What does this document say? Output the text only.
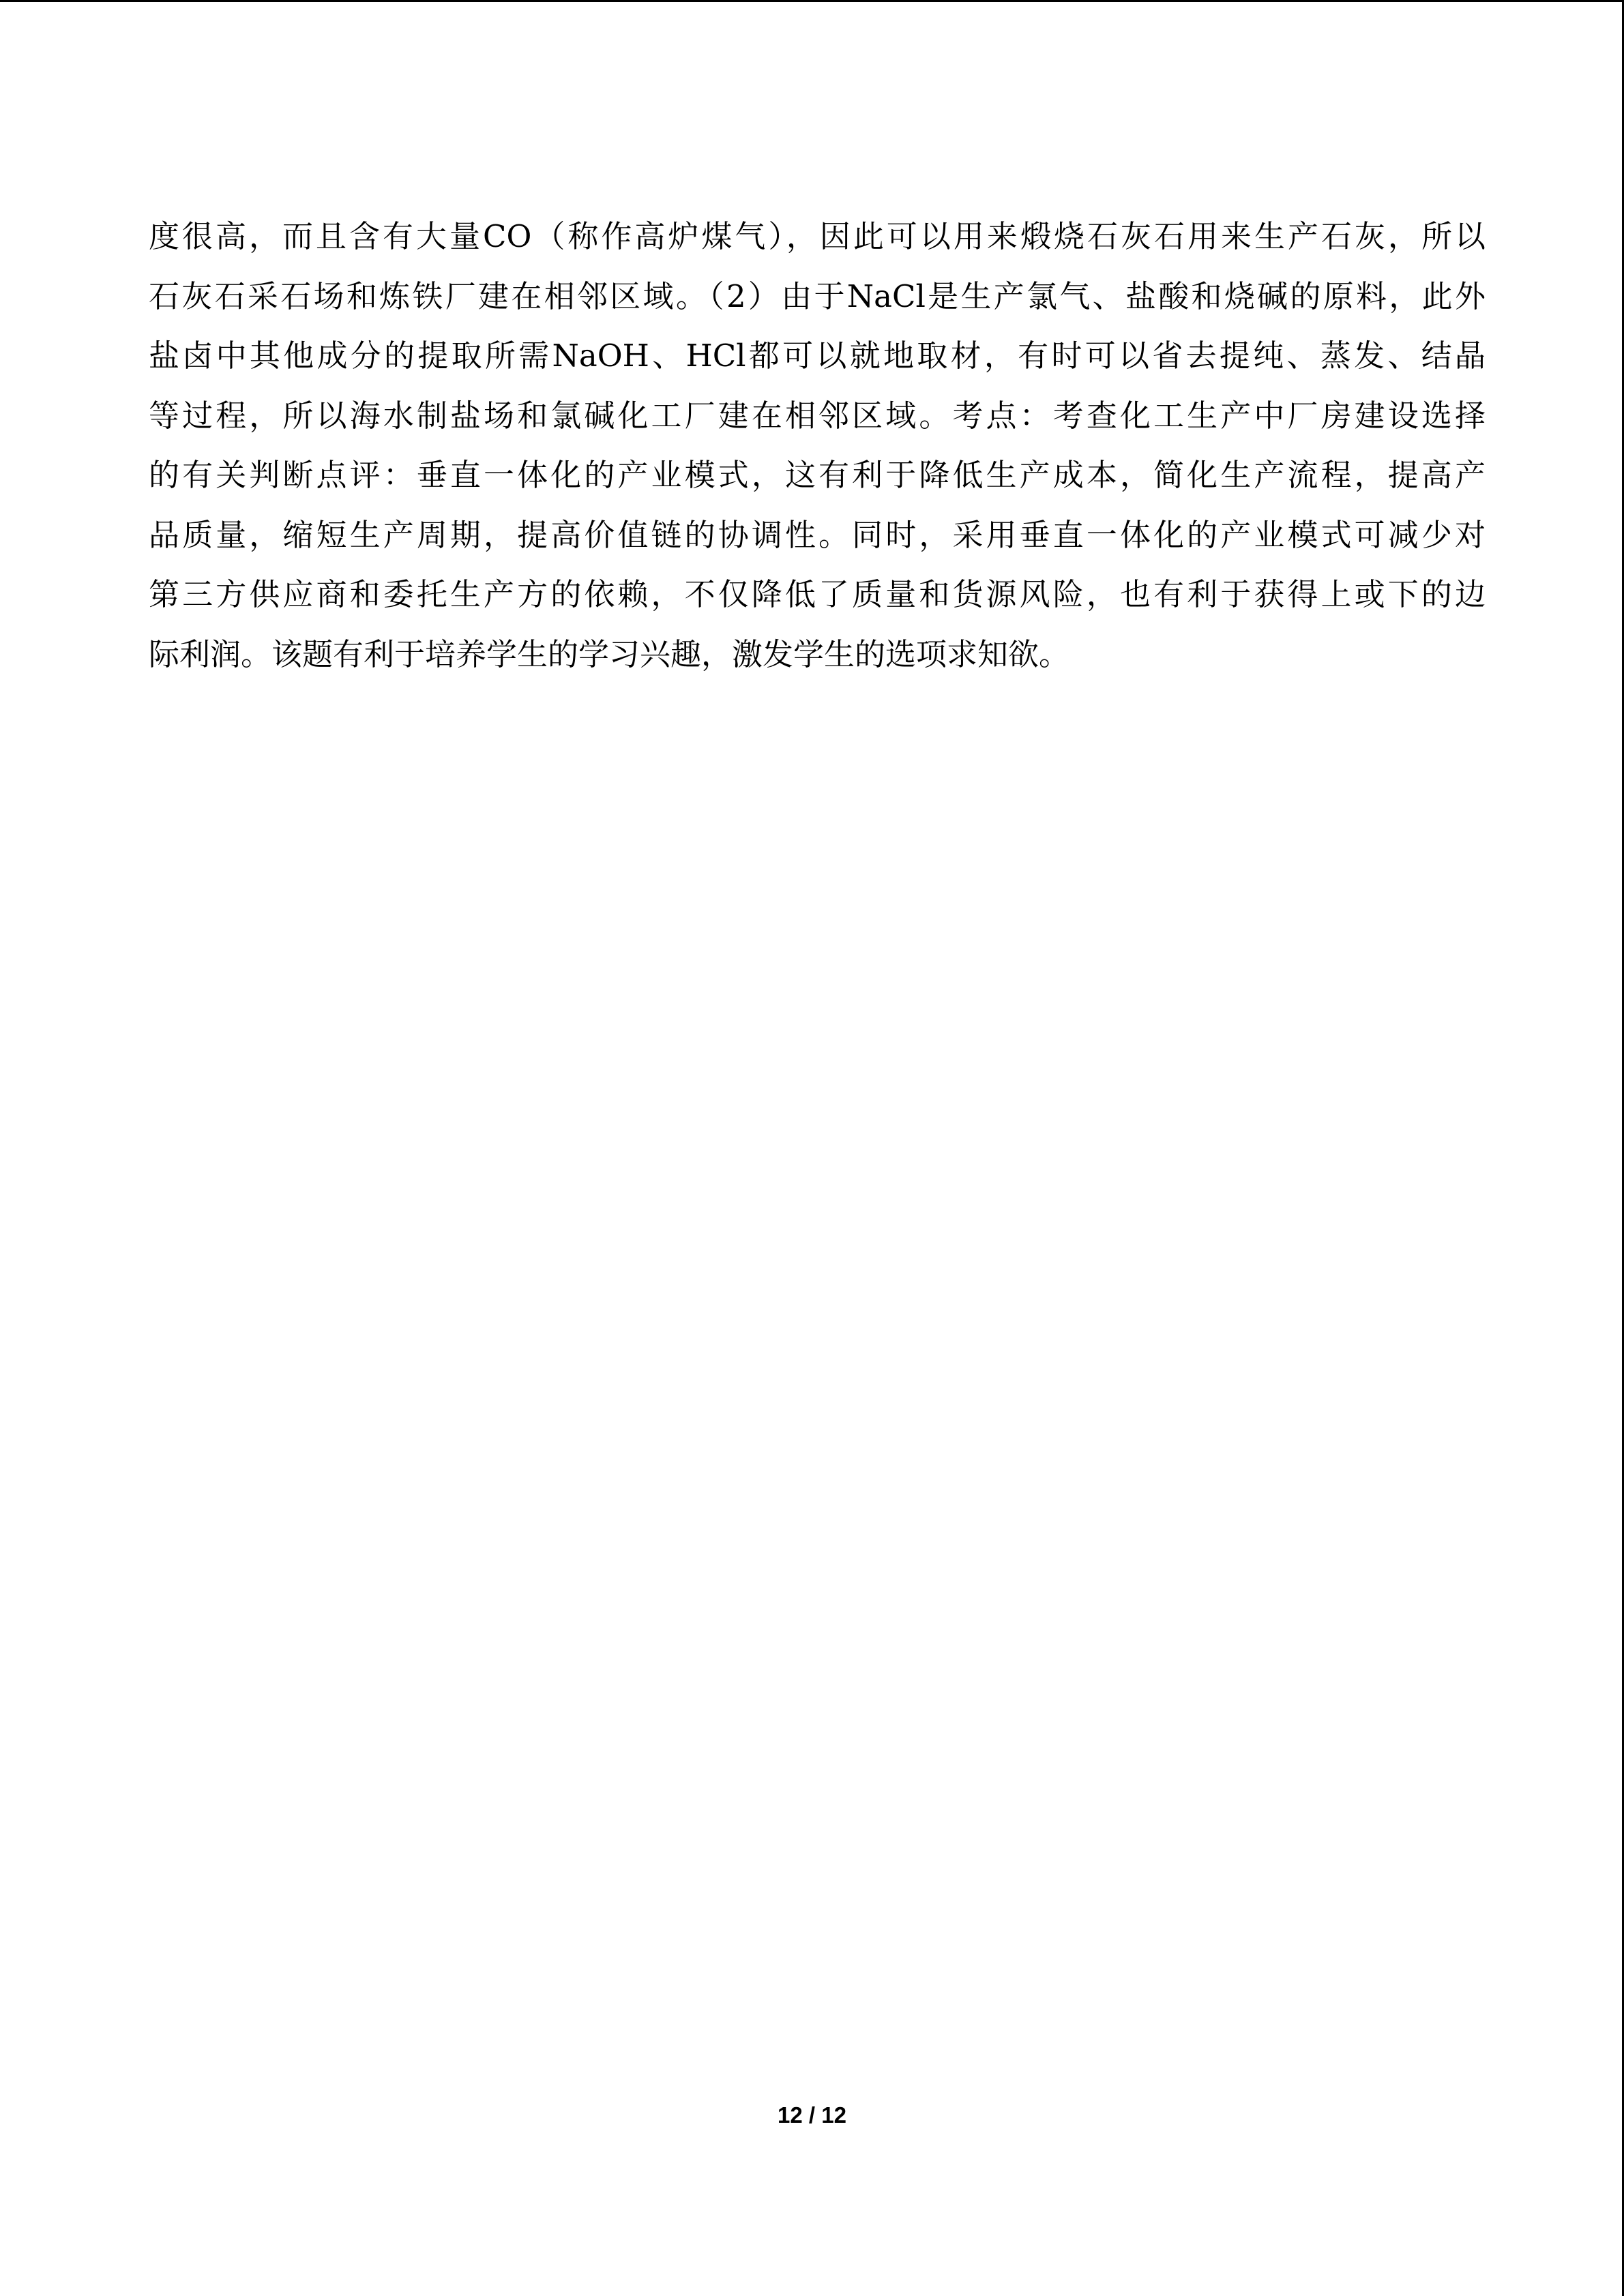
度很高，而且含有大量CO（称作高炉煤气），因此可以用来煅烧石灰石用来生产石灰，所以
石灰石采石场和炼铁厂建在相邻区域。（2）由于NaCl是生产氯气、盐酸和烧碱的原料，此外
盐卤中其他成分的提取所需NaOH、HCl都可以就地取材，有时可以省去提纯、蒸发、结晶
等过程，所以海水制盐场和氯碱化工厂建在相邻区域。考点：考查化工生产中厂房建设选择
的有关判断点评：垂直一体化的产业模式，这有利于降低生产成本，简化生产流程，提高产
品质量，缩短生产周期，提高价值链的协调性。同时，采用垂直一体化的产业模式可减少对
第三方供应商和委托生产方的依赖，不仅降低了质量和货源风险，也有利于获得上或下的边
际利润。该题有利于培养学生的学习兴趣，激发学生的选项求知欲。
12 / 12
